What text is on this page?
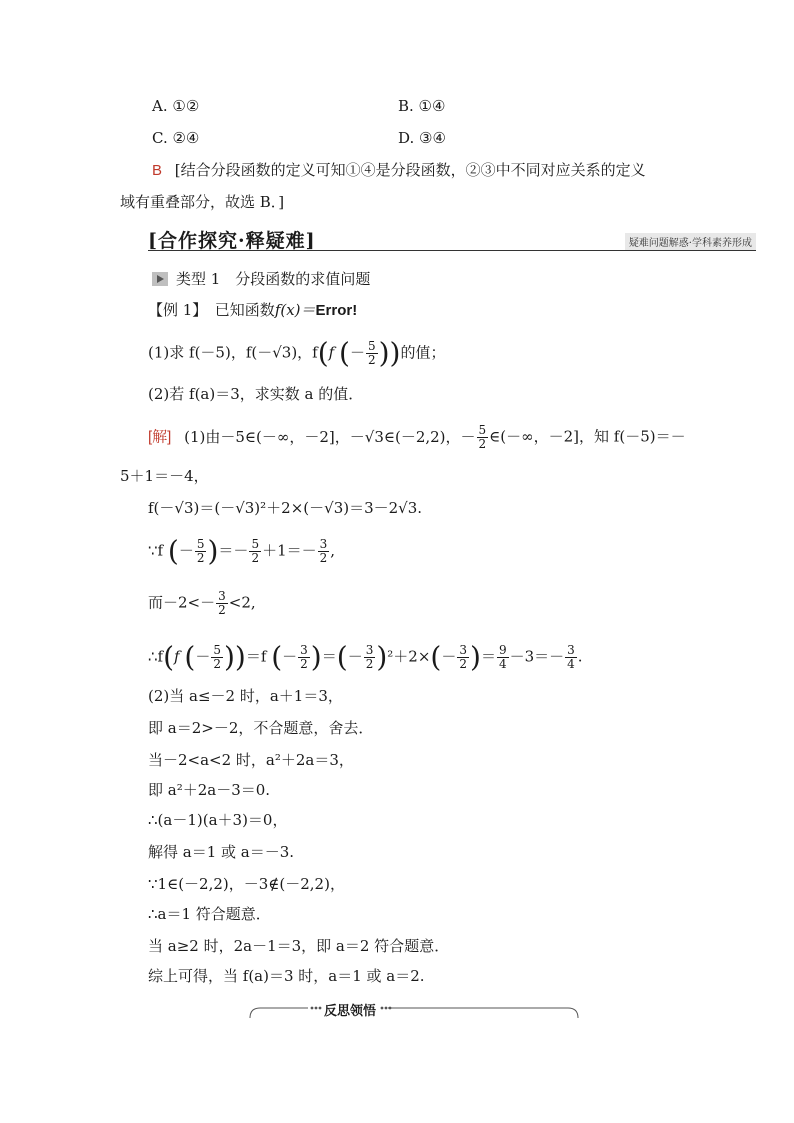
A. ①②	B. ①④
C. ②④	D. ③④
B [结合分段函数的定义可知①④是分段函数，②③中不同对应关系的定义
域有重叠部分，故选 B．]
[合作探究·释疑难]	疑难问题解惑·学科素养形成
类型 1　分段函数的求值问题
【例 1】　已知函数f(x)＝Error!
(1)求 f(－5)，f(－√3)，f(f (－ $\frac{5}{2}$ ))的值；
(2)若 f(a)＝3，求实数 a 的值．
[解] (1)由－5∈(－∞，－2]，－√3∈(－2,2)，－ $\frac{5}{2}$ ∈(－∞，－2]，知 f(－5)＝－
5＋1＝－4，
f(－√3)＝(－√3)²＋2×(－√3)＝3－2√3.
∵f (－ $\frac{5}{2}$ )＝－ $\frac{5}{2} +1=- \frac{3}{2}$ ,
而$-2<- \frac{3}{2} <2$,
∴f(f (－ $\frac{5}{2} ))=f$ (－ $\frac{3}{2}$ )＝(－ $\frac{3}{2} )^2+2\times(- \frac{3}{2}$ )＝ $\frac{9}{4} -3=- \frac{3}{4}$ .
(2)当 a≤－2 时，a＋1＝3，
即 a＝2>－2，不合题意，舍去．
当－2<a<2 时，a²＋2a＝3，
即 a²＋2a－3＝0.
∴(a－1)(a＋3)＝0，
解得 a＝1 或 a＝－3.
∵1∈(－2,2)，－3∉(－2,2)，
∴a＝1 符合题意．
当 a≥2 时，2a－1＝3，即 a＝2 符合题意．
综上可得，当 f(a)＝3 时，a＝1 或 a＝2.
反思领悟
